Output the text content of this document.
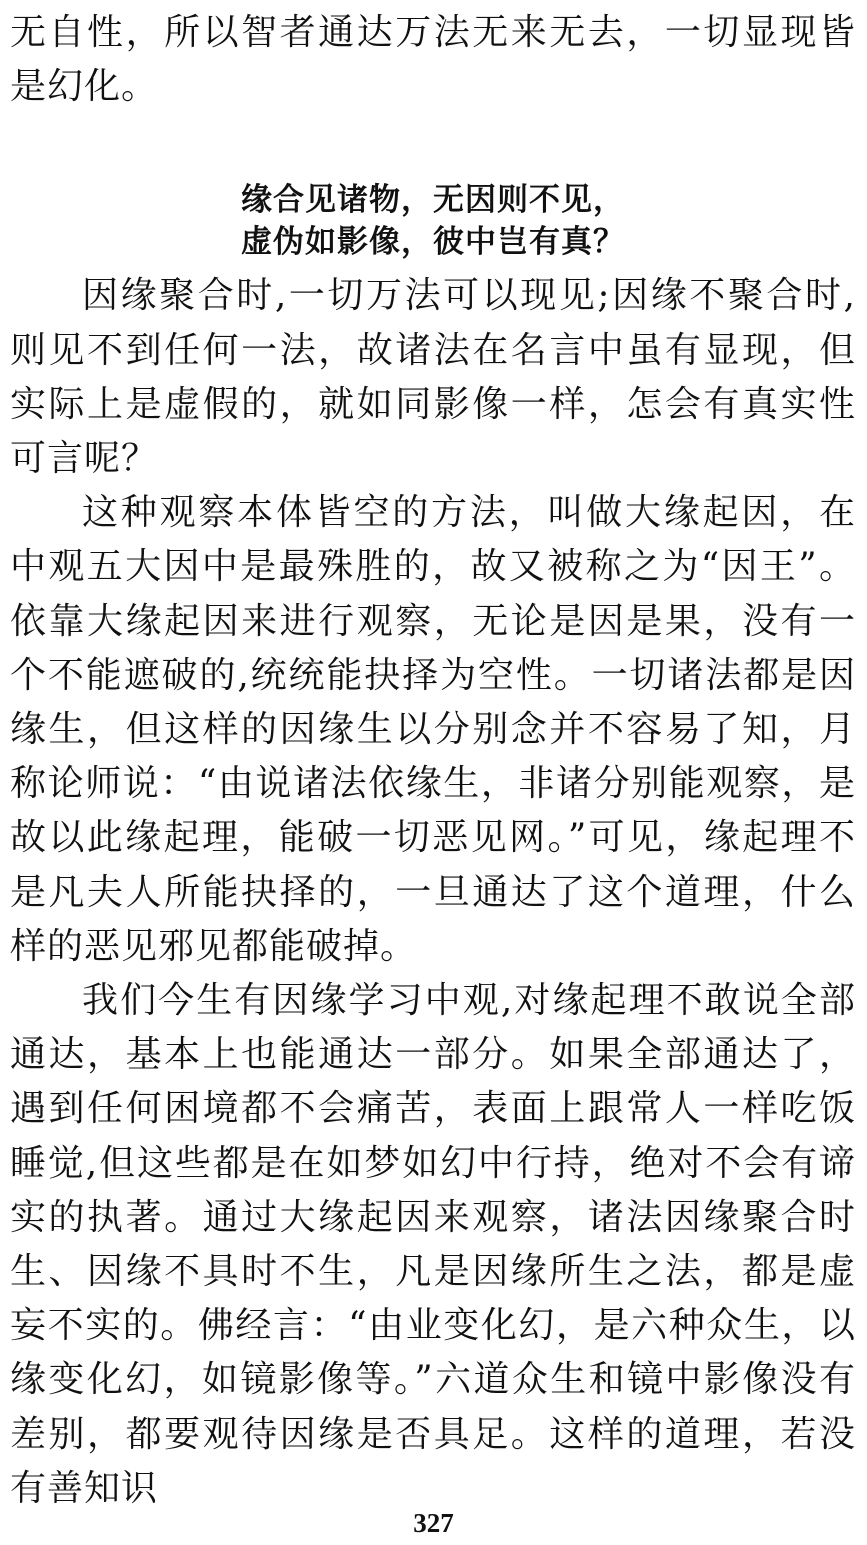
无自性，所以智者通达万法无来无去，一切显现皆是幻化。

缘合见诸物，无因则不见，
虚伪如影像，彼中岂有真？

因缘聚合时,一切万法可以现见;因缘不聚合时,则见不到任何一法，故诸法在名言中虽有显现，但实际上是虚假的，就如同影像一样，怎会有真实性可言呢？

这种观察本体皆空的方法，叫做大缘起因，在中观五大因中是最殊胜的，故又被称之为“因王”。依靠大缘起因来进行观察，无论是因是果，没有一个不能遮破的,统统能抉择为空性。一切诸法都是因缘生，但这样的因缘生以分别念并不容易了知，月称论师说：“由说诸法依缘生，非诸分别能观察，是故以此缘起理，能破一切恶见网。”可见，缘起理不是凡夫人所能抉择的，一旦通达了这个道理，什么样的恶见邪见都能破掉。

我们今生有因缘学习中观,对缘起理不敢说全部通达，基本上也能通达一部分。如果全部通达了，遇到任何困境都不会痛苦，表面上跟常人一样吃饭睡觉,但这些都是在如梦如幻中行持，绝对不会有谛实的执著。通过大缘起因来观察，诸法因缘聚合时生、因缘不具时不生，凡是因缘所生之法，都是虚妄不实的。佛经言：“由业变化幻，是六种众生，以缘变化幻，如镜影像等。”六道众生和镜中影像没有差别，都要观待因缘是否具足。这样的道理，若没有善知识

327
